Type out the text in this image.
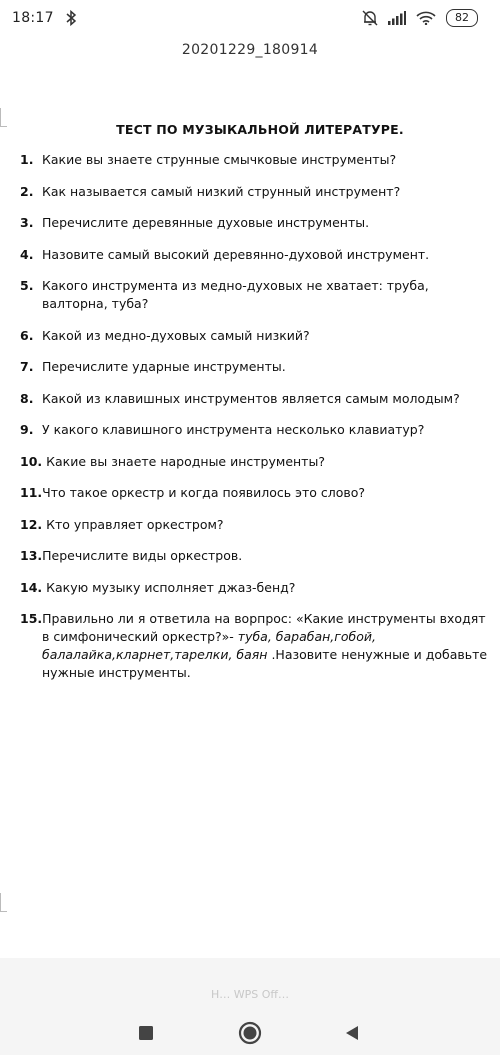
18:17	82
20201229_180914
ТЕСТ ПО МУЗЫКАЛЬНОЙ ЛИТЕРАТУРЕ.
1. Какие вы знаете струнные смычковые инструменты?
2. Как называется самый низкий струнный инструмент?
3. Перечислите деревянные духовые инструменты.
4. Назовите самый высокий деревянно-духовой инструмент.
5. Какого инструмента из медно-духовых не хватает: труба, валторна, туба?
6. Какой из медно-духовых самый низкий?
7. Перечислите ударные инструменты.
8. Какой из клавишных инструментов является самым молодым?
9. У какого клавишного инструмента несколько клавиатур?
10. Какие вы знаете народные инструменты?
11.Что такое оркестр и когда появилось это слово?
12. Кто управляет оркестром?
13.Перечислите виды оркестров.
14. Какую музыку исполняет джаз-бенд?
15.Правильно ли я ответила на ворпрос: «Какие инструменты входят в симфонический оркестр?»- туба, барабан,гобой, балалайка,кларнет,тарелки, баян .Назовите ненужные и добавьте нужные инструменты.
Н… WPS Off…
